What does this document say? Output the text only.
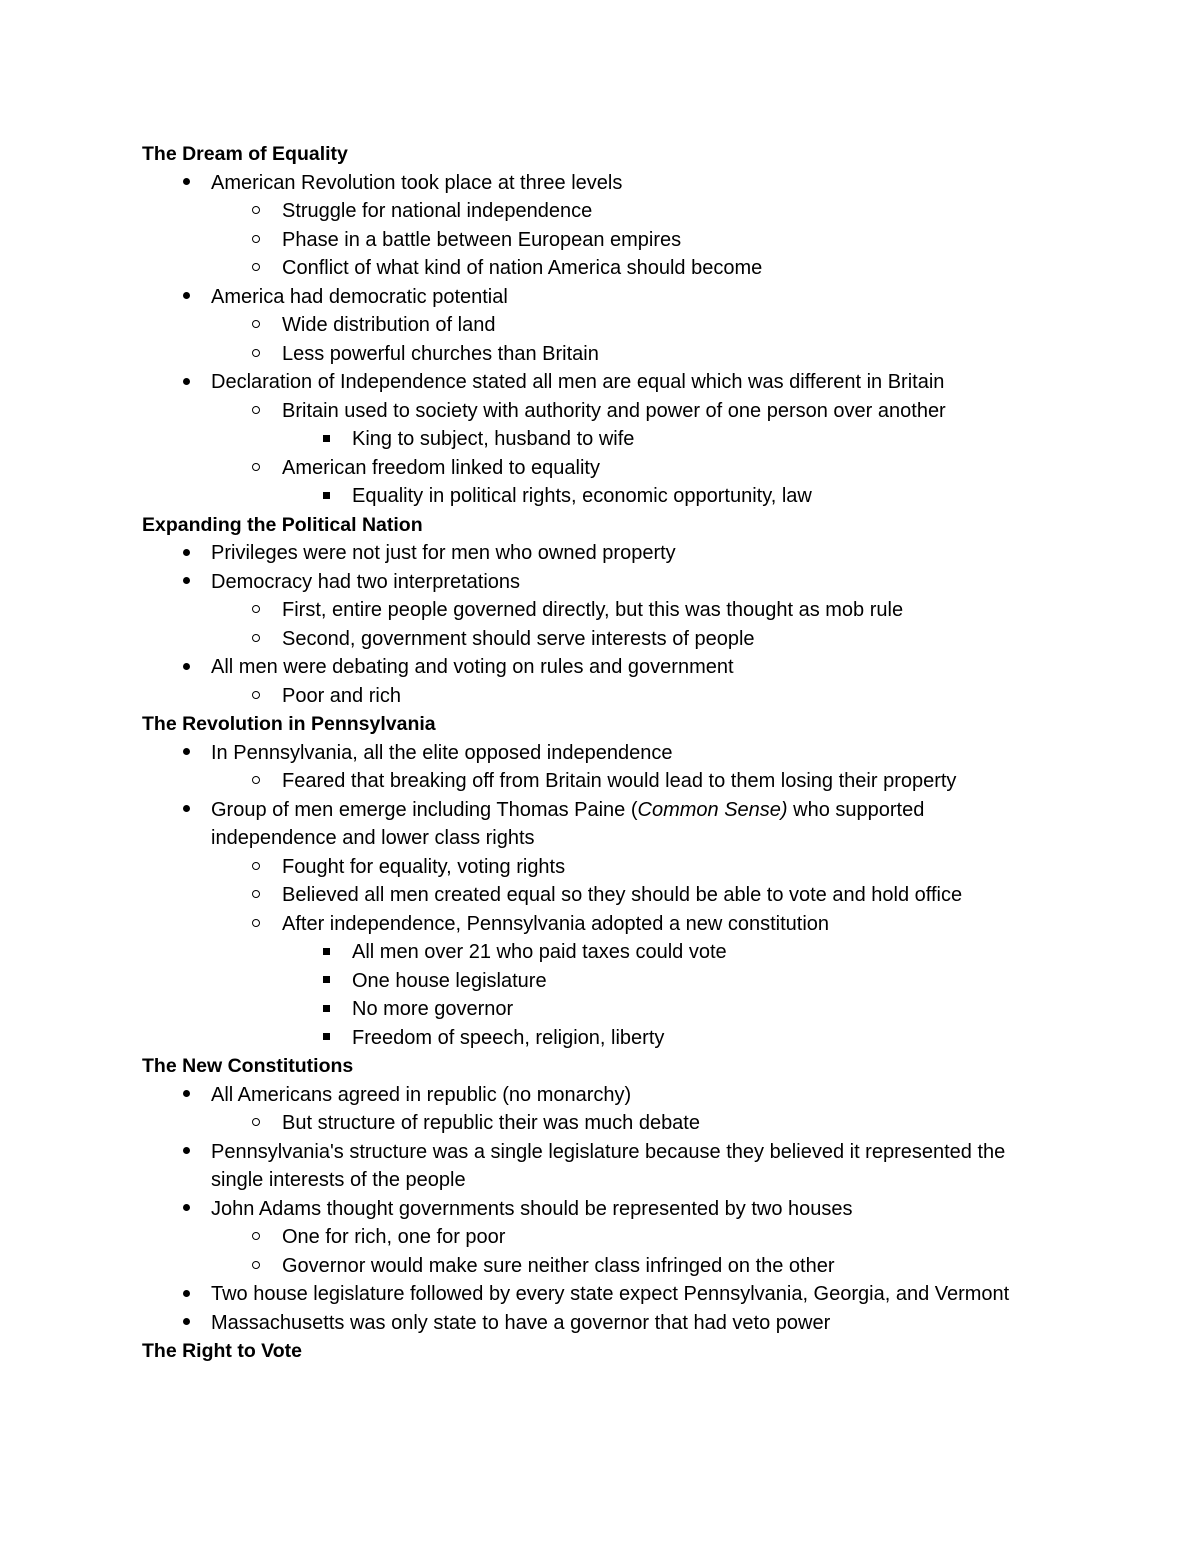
The Dream of Equality
American Revolution took place at three levels
Struggle for national independence
Phase in a battle between European empires
Conflict of what kind of nation America should become
America had democratic potential
Wide distribution of land
Less powerful churches than Britain
Declaration of Independence stated all men are equal which was different in Britain
Britain used to society with authority and power of one person over another
King to subject, husband to wife
American freedom linked to equality
Equality in political rights, economic opportunity, law
Expanding the Political Nation
Privileges were not just for men who owned property
Democracy had two interpretations
First, entire people governed directly, but this was thought as mob rule
Second, government should serve interests of people
All men were debating and voting on rules and government
Poor and rich
The Revolution in Pennsylvania
In Pennsylvania, all the elite opposed independence
Feared that breaking off from Britain would lead to them losing their property
Group of men emerge including Thomas Paine (Common Sense) who supported independence and lower class rights
Fought for equality, voting rights
Believed all men created equal so they should be able to vote and hold office
After independence, Pennsylvania adopted a new constitution
All men over 21 who paid taxes could vote
One house legislature
No more governor
Freedom of speech, religion, liberty
The New Constitutions
All Americans agreed in republic (no monarchy)
But structure of republic their was much debate
Pennsylvania's structure was a single legislature because they believed it represented the single interests of the people
John Adams thought governments should be represented by two houses
One for rich, one for poor
Governor would make sure neither class infringed on the other
Two house legislature followed by every state expect Pennsylvania, Georgia, and Vermont
Massachusetts was only state to have a governor that had veto power
The Right to Vote
